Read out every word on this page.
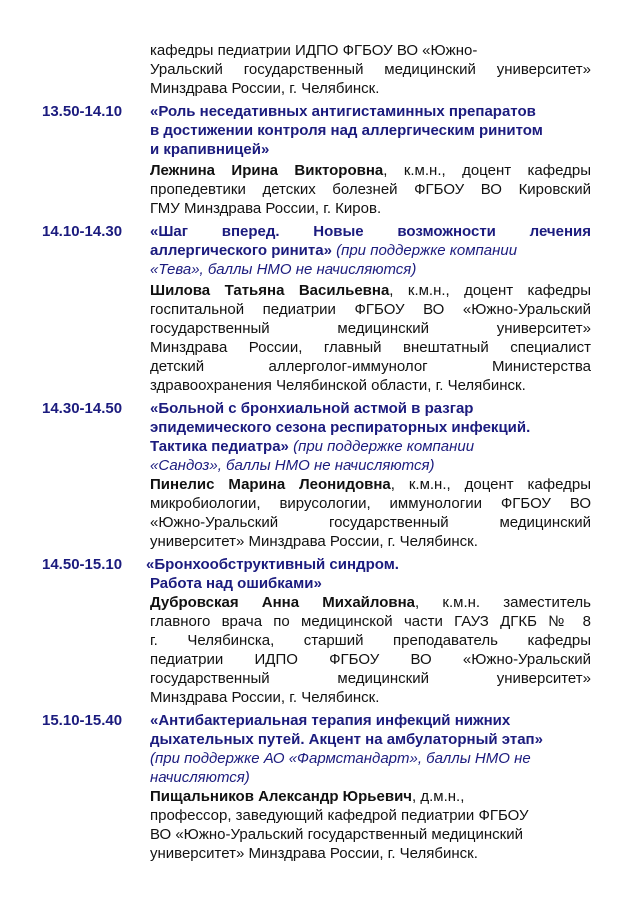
кафедры педиатрии ИДПО ФГБОУ ВО «Южно-
Уральский государственный медицинский университет»
Минздрава России, г. Челябинск.
13.50-14.10 «Роль неседативных антигистаминных препаратов
в достижении контроля над аллергическим ринитом
и крапивницей»
Лежнина Ирина Викторовна, к.м.н., доцент кафедры
пропедевтики детских болезней ФГБОУ ВО Кировский
ГМУ Минздрава России, г. Киров.
14.10-14.30 «Шаг вперед. Новые возможности лечения
аллергического ринита» (при поддержке компании
«Тева», баллы НМО не начисляются)
Шилова Татьяна Васильевна, к.м.н., доцент кафедры
госпитальной педиатрии ФГБОУ ВО «Южно-Уральский
государственный медицинский университет»
Минздрава России, главный внештатный специалист
детский аллерголог-иммунолог Министерства
здравоохранения Челябинской области, г. Челябинск.
14.30-14.50 «Больной с бронхиальной астмой в разгар
эпидемического сезона респираторных инфекций.
Тактика педиатра» (при поддержке компании
«Сандоз», баллы НМО не начисляются)
Пинелис Марина Леонидовна, к.м.н., доцент кафедры
микробиологии, вирусологии, иммунологии ФГБОУ ВО
«Южно-Уральский государственный медицинский
университет» Минздрава России, г. Челябинск.
14.50-15.10 «Бронхообструктивный синдром.
Работа над ошибками»
Дубровская Анна Михайловна, к.м.н. заместитель
главного врача по медицинской части ГАУЗ ДГКБ № 8
г. Челябинска, старший преподаватель кафедры
педиатрии ИДПО ФГБОУ ВО «Южно-Уральский
государственный медицинский университет»
Минздрава России, г. Челябинск.
15.10-15.40 «Антибактериальная терапия инфекций нижних
дыхательных путей. Акцент на амбулаторный этап»
(при поддержке АО «Фармстандарт», баллы НМО не
начисляются)
Пищальников Александр Юрьевич, д.м.н.,
профессор, заведующий кафедрой педиатрии ФГБОУ
ВО «Южно-Уральский государственный медицинский
университет» Минздрава России, г. Челябинск.
